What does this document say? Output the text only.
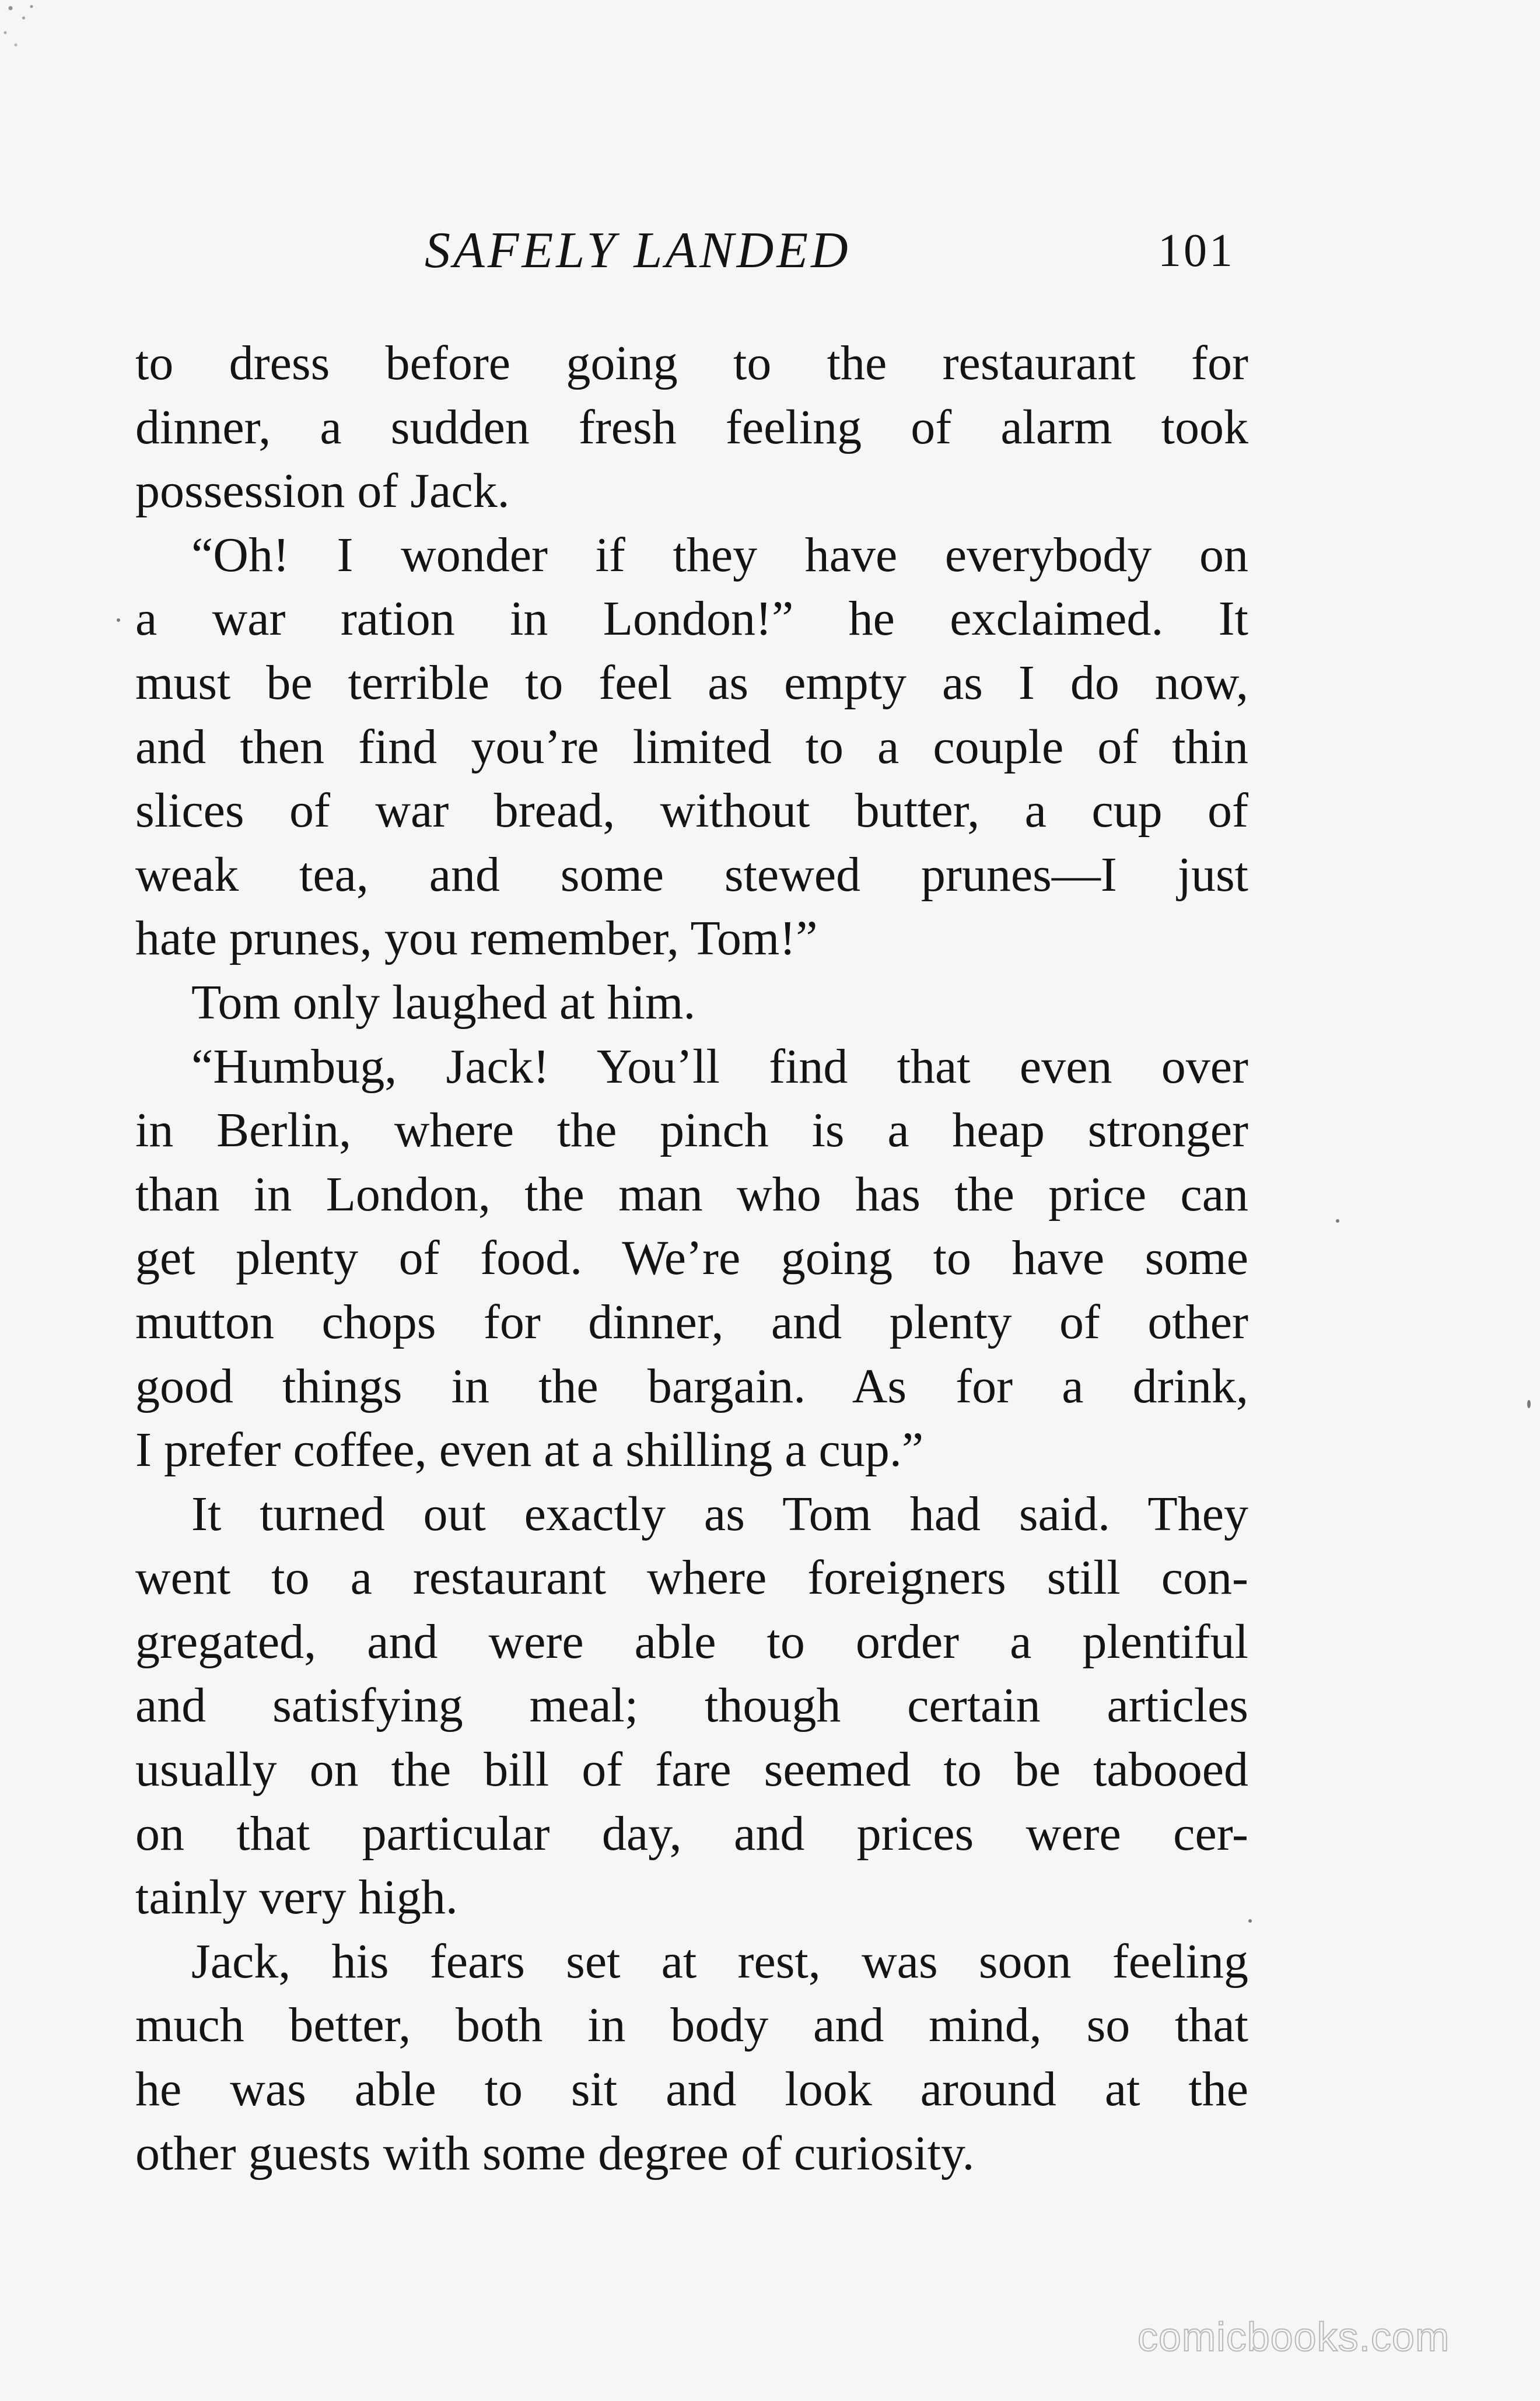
SAFELY LANDED	101
to dress before going to the restaurant for
dinner, a sudden fresh feeling of alarm took
possession of Jack.
“Oh! I wonder if they have everybody on
a war ration in London!” he exclaimed. It
must be terrible to feel as empty as I do now,
and then find you’re limited to a couple of thin
slices of war bread, without butter, a cup of
weak tea, and some stewed prunes—I just
hate prunes, you remember, Tom!”
Tom only laughed at him.
“Humbug, Jack! You’ll find that even over
in Berlin, where the pinch is a heap stronger
than in London, the man who has the price can
get plenty of food. We’re going to have some
mutton chops for dinner, and plenty of other
good things in the bargain. As for a drink,
I prefer coffee, even at a shilling a cup.”
It turned out exactly as Tom had said. They
went to a restaurant where foreigners still con-
gregated, and were able to order a plentiful
and satisfying meal; though certain articles
usually on the bill of fare seemed to be tabooed
on that particular day, and prices were cer-
tainly very high.
Jack, his fears set at rest, was soon feeling
much better, both in body and mind, so that
he was able to sit and look around at the
other guests with some degree of curiosity.
comicbooks.com
